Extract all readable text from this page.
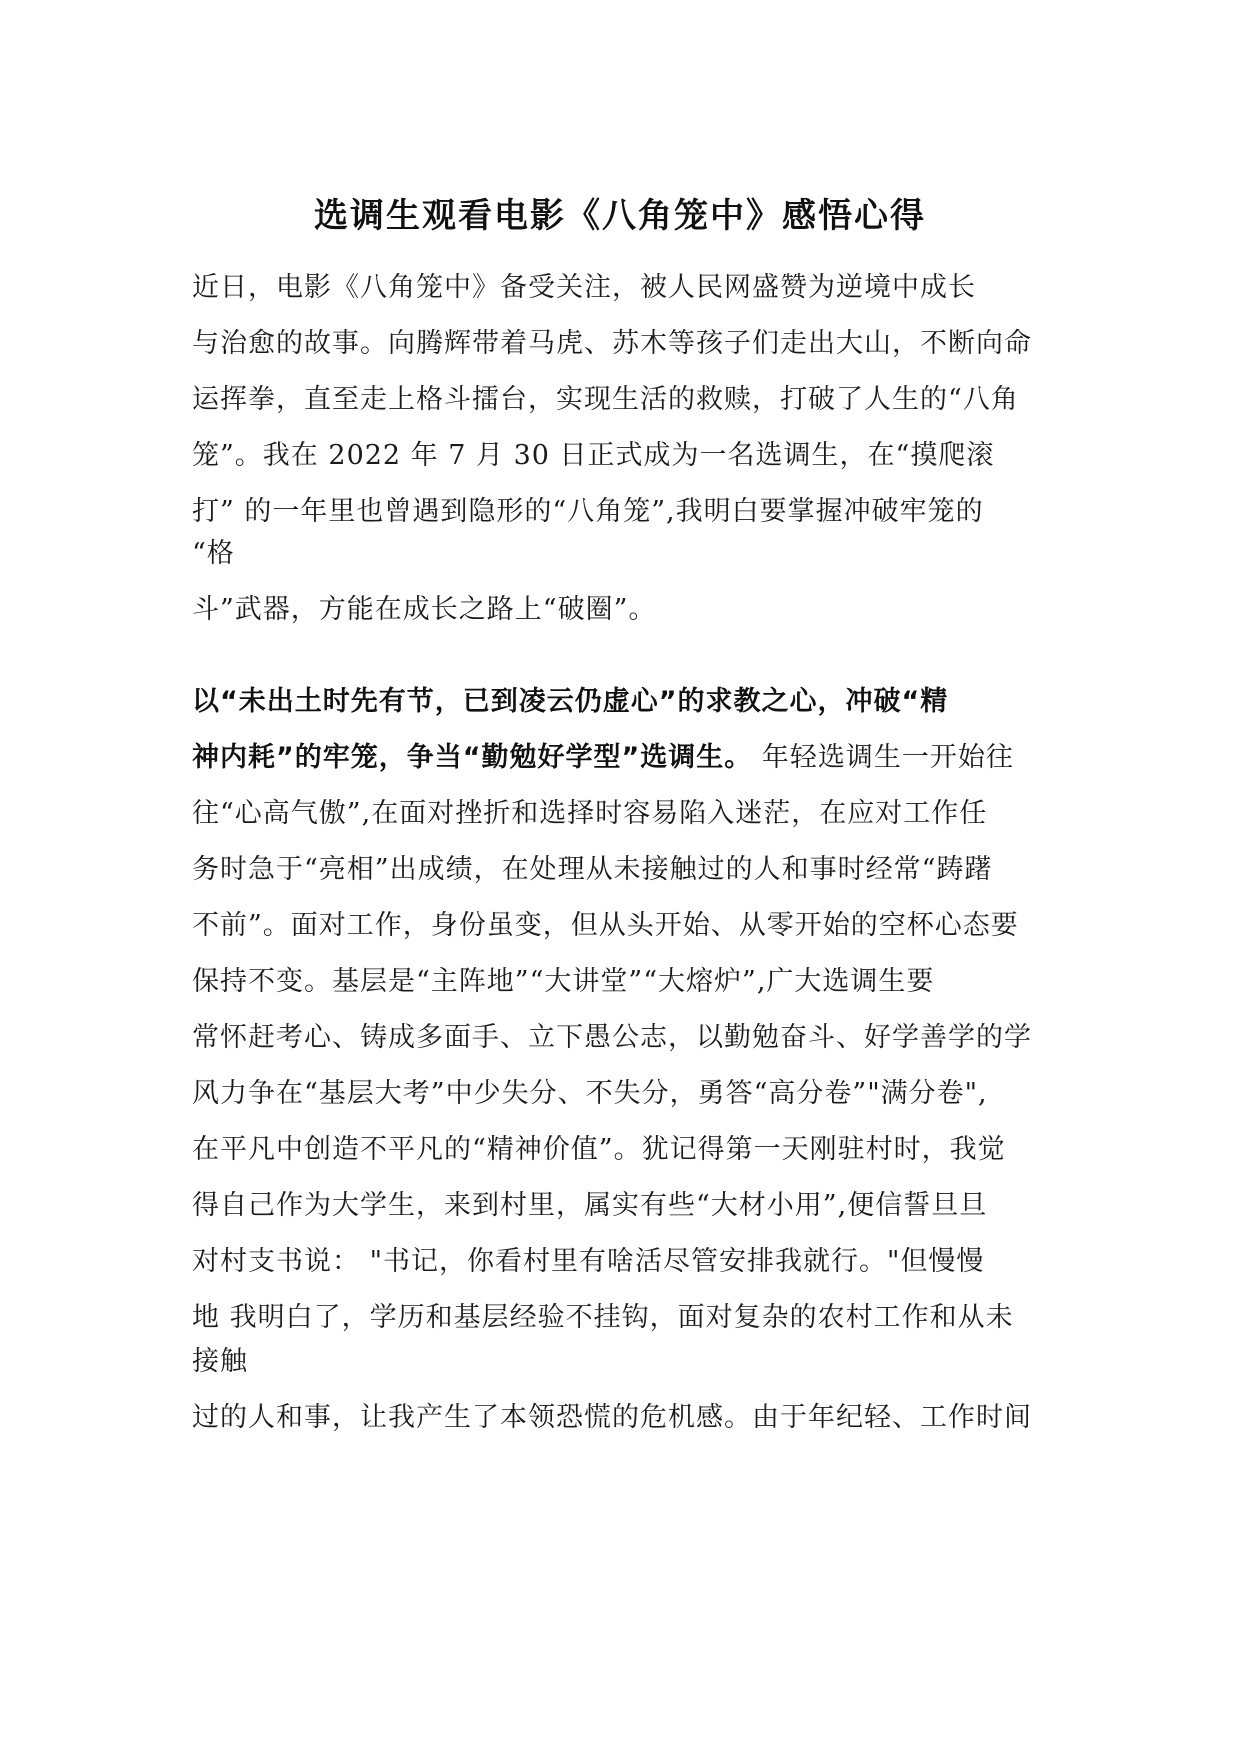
选调生观看电影《八角笼中》感悟心得

近日，电影《八角笼中》备受关注，被人民网盛赞为逆境中成长

与治愈的故事。向腾辉带着马虎、苏木等孩子们走出大山，不断向命

运挥拳，直至走上格斗擂台，实现生活的救赎，打破了人生的“八角

笼”。我在 2022 年 7 月 30 日正式成为一名选调生，在“摸爬滚

打” 的一年里也曾遇到隐形的“八角笼”,我明白要掌握冲破牢笼的

“格

斗”武器，方能在成长之路上“破圈”。

以“未出土时先有节，已到凌云仍虚心”的求教之心，冲破“精

神内耗”的牢笼，争当“勤勉好学型”选调生。 年轻选调生一开始往

往“心高气傲”,在面对挫折和选择时容易陷入迷茫，在应对工作任

务时急于“亮相”出成绩，在处理从未接触过的人和事时经常“踌躇

不前”。面对工作，身份虽变，但从头开始、从零开始的空杯心态要

保持不变。基层是“主阵地”“大讲堂”“大熔炉”,广大选调生要

常怀赶考心、铸成多面手、立下愚公志，以勤勉奋斗、好学善学的学

风力争在“基层大考”中少失分、不失分，勇答“高分卷”"满分卷",

在平凡中创造不平凡的“精神价值”。犹记得第一天刚驻村时，我觉

得自己作为大学生，来到村里，属实有些“大材小用”,便信誓旦旦

对村支书说： "书记，你看村里有啥活尽管安排我就行。"但慢慢

地 我明白了，学历和基层经验不挂钩，面对复杂的农村工作和从未

接触

过的人和事，让我产生了本领恐慌的危机感。由于年纪轻、工作时间
